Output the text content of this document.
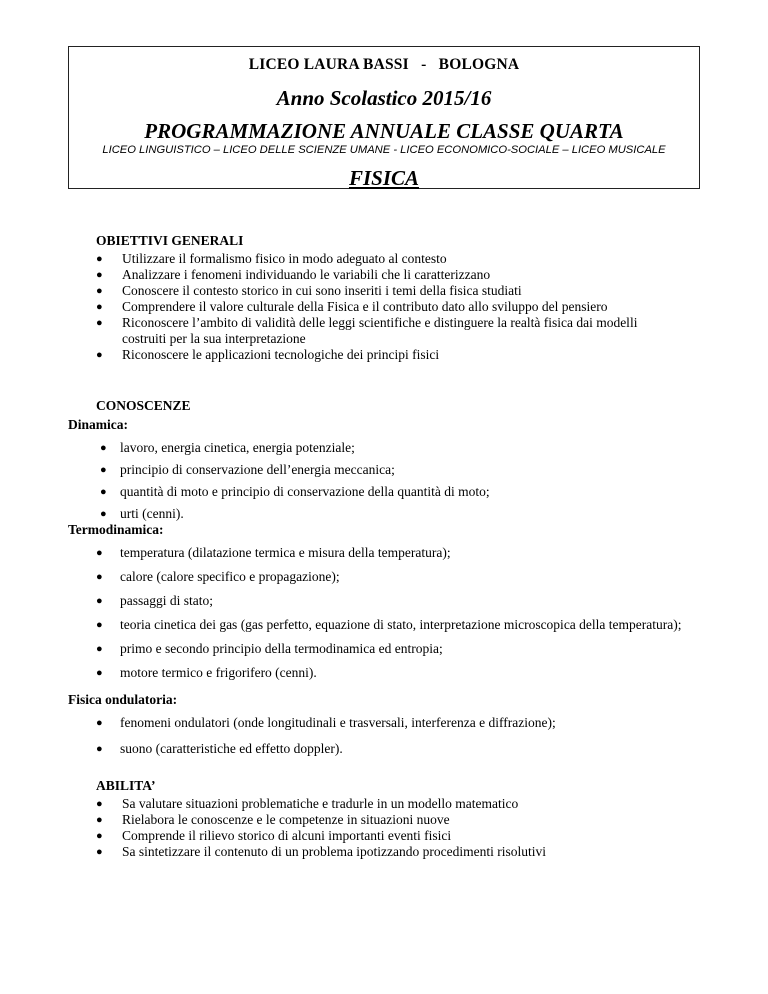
LICEO LAURA BASSI   -   BOLOGNA
Anno Scolastico 2015/16
PROGRAMMAZIONE ANNUALE CLASSE QUARTA
LICEO LINGUISTICO – LICEO DELLE SCIENZE UMANE - LICEO ECONOMICO-SOCIALE – LICEO MUSICALE
FISICA
OBIETTIVI GENERALI
● Utilizzare il formalismo fisico in modo adeguato al contesto
● Analizzare i fenomeni individuando le variabili che li caratterizzano
● Conoscere il contesto storico in cui sono inseriti i temi della fisica studiati
● Comprendere il valore culturale della Fisica e il contributo dato allo sviluppo del pensiero
● Riconoscere l’ambito di validità delle leggi scientifiche e distinguere la realtà fisica dai modelli costruiti per la sua interpretazione
● Riconoscere le applicazioni tecnologiche dei principi fisici
CONOSCENZE
Dinamica:
● lavoro, energia cinetica, energia potenziale;
● principio di conservazione dell’energia meccanica;
● quantità di moto e principio di conservazione della quantità di moto;
● urti (cenni).
Termodinamica:
● temperatura (dilatazione termica e misura della temperatura);
● calore (calore specifico e propagazione);
● passaggi di stato;
● teoria cinetica dei gas (gas perfetto, equazione di stato, interpretazione microscopica della temperatura);
● primo e secondo principio della termodinamica ed entropia;
● motore termico e frigorifero (cenni).
Fisica ondulatoria:
● fenomeni ondulatori (onde longitudinali e trasversali, interferenza e diffrazione);
● suono (caratteristiche ed effetto doppler).
ABILITA’
● Sa valutare situazioni problematiche e tradurle in un modello matematico
● Rielabora le conoscenze e le competenze in situazioni nuove
● Comprende il rilievo storico di alcuni importanti eventi fisici
● Sa sintetizzare il contenuto di un problema ipotizzando procedimenti risolutivi
